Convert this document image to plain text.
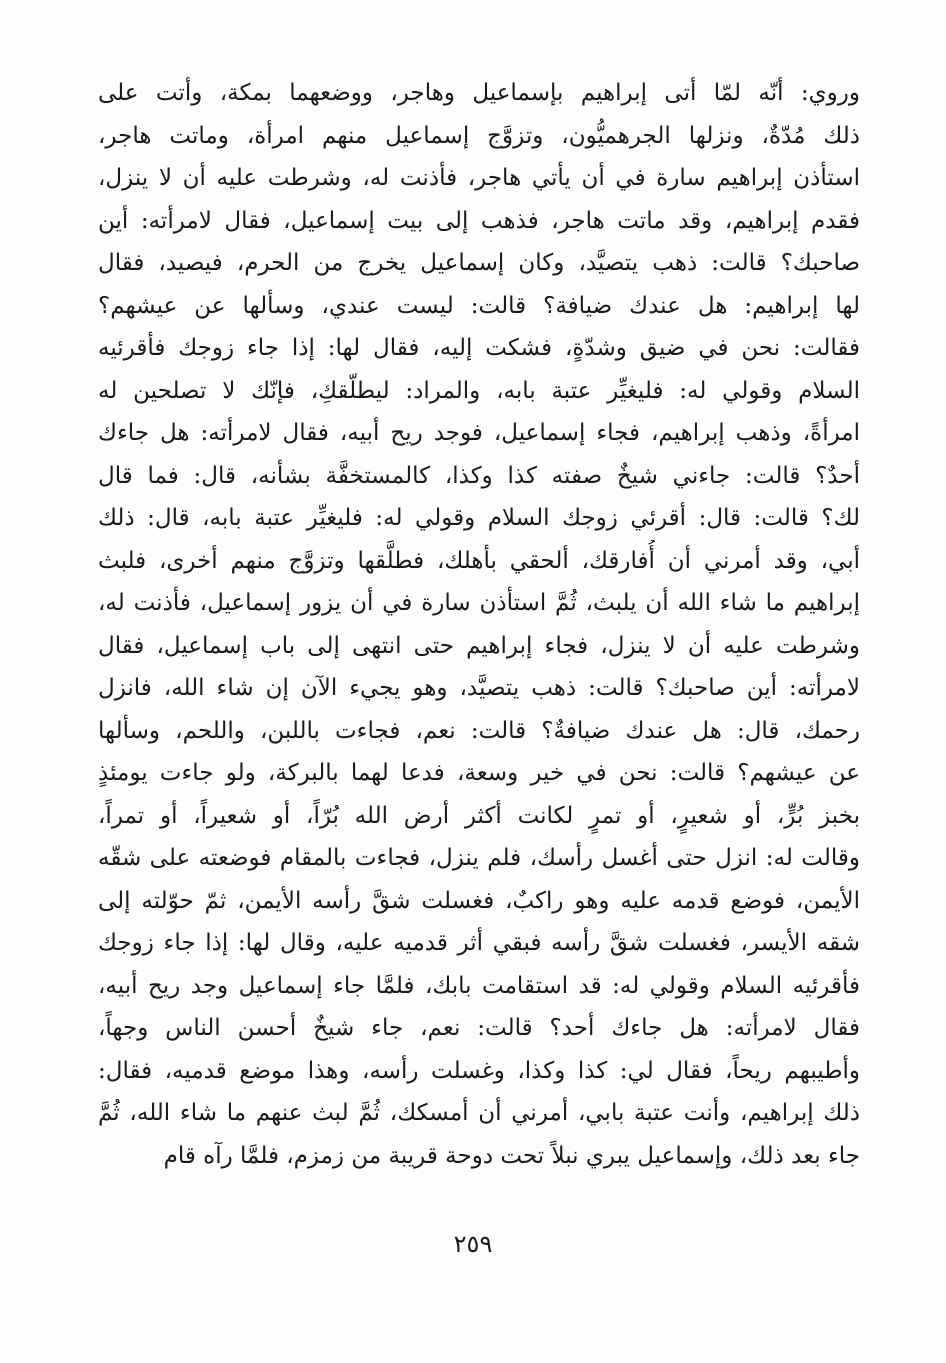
وروي: أنّه لمّا أتى إبراهيم بإسماعيل وهاجر، ووضعهما بمكة، وأتت على
ذلك مُدّةٌ، ونزلها الجرهميُّون، وتزوَّج إسماعيل منهم امرأة، وماتت هاجر،
استأذن إبراهيم سارة في أن يأتي هاجر، فأذنت له، وشرطت عليه أن لا ينزل،
فقدم إبراهيم، وقد ماتت هاجر، فذهب إلى بيت إسماعيل، فقال لامرأته: أين
صاحبك؟ قالت: ذهب يتصيَّد، وكان إسماعيل يخرج من الحرم، فيصيد، فقال
لها إبراهيم: هل عندك ضيافة؟ قالت: ليست عندي، وسألها عن عيشهم؟
فقالت: نحن في ضيق وشدّةٍ، فشكت إليه، فقال لها: إذا جاء زوجك فأقرئيه
السلام وقولي له: فليغيِّر عتبة بابه، والمراد: ليطلّقكِ، فإنّك لا تصلحين له
امرأةً، وذهب إبراهيم، فجاء إسماعيل، فوجد ريح أبيه، فقال لامرأته: هل جاءك
أحدٌ؟ قالت: جاءني شيخٌ صفته كذا وكذا، كالمستخفَّة بشأنه، قال: فما قال
لك؟ قالت: قال: أقرئي زوجك السلام وقولي له: فليغيِّر عتبة بابه، قال: ذلك
أبي، وقد أمرني أن أُفارقك، ألحقي بأهلك، فطلَّقها وتزوَّج منهم أخرى، فلبث
إبراهيم ما شاء الله أن يلبث، ثُمَّ استأذن سارة في أن يزور إسماعيل، فأذنت له،
وشرطت عليه أن لا ينزل، فجاء إبراهيم حتى انتهى إلى باب إسماعيل، فقال
لامرأته: أين صاحبك؟ قالت: ذهب يتصيَّد، وهو يجيء الآن إن شاء الله، فانزل
رحمك، قال: هل عندك ضيافةٌ؟ قالت: نعم، فجاءت باللبن، واللحم، وسألها
عن عيشهم؟ قالت: نحن في خير وسعة، فدعا لهما بالبركة، ولو جاءت يومئذٍ
بخبز بُرٍّ، أو شعيرٍ، أو تمرٍ لكانت أكثر أرض الله بُرّاً، أو شعيراً، أو تمراً،
وقالت له: انزل حتى أغسل رأسك، فلم ينزل، فجاءت بالمقام فوضعته على شقّه
الأيمن، فوضع قدمه عليه وهو راكبٌ، فغسلت شقَّ رأسه الأيمن، ثمّ حوّلته إلى
شقه الأيسر، فغسلت شقَّ رأسه فبقي أثر قدميه عليه، وقال لها: إذا جاء زوجك
فأقرئيه السلام وقولي له: قد استقامت بابك، فلمَّا جاء إسماعيل وجد ريح أبيه،
فقال لامرأته: هل جاءك أحد؟ قالت: نعم، جاء شيخٌ أحسن الناس وجهاً،
وأطيبهم ريحاً، فقال لي: كذا وكذا، وغسلت رأسه، وهذا موضع قدميه، فقال:
ذلك إبراهيم، وأنت عتبة بابي، أمرني أن أمسكك، ثُمَّ لبث عنهم ما شاء الله، ثُمَّ
جاء بعد ذلك، وإسماعيل يبري نبلاً تحت دوحة قريبة من زمزم، فلمَّا رآه قام
٢٥٩
